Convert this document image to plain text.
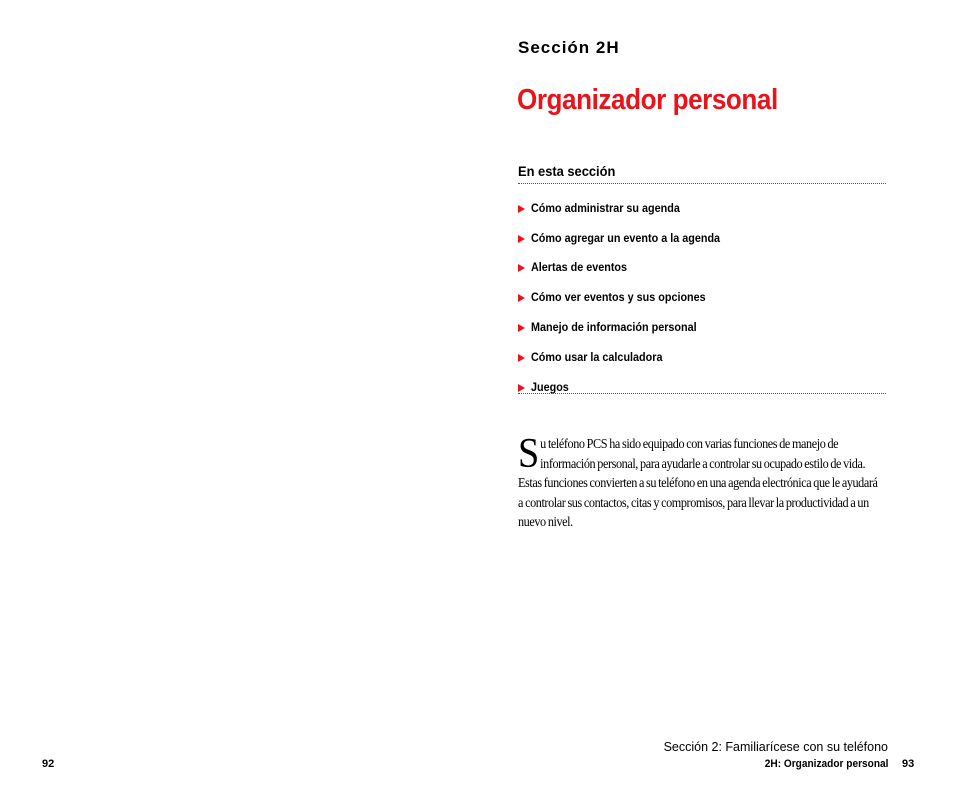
Sección 2H
Organizador personal
En esta sección
Cómo administrar su agenda
Cómo agregar un evento a la agenda
Alertas de eventos
Cómo ver eventos y sus opciones
Manejo de información personal
Cómo usar la calculadora
Juegos
Su teléfono PCS ha sido equipado con varias funciones de manejo de información personal, para ayudarle a controlar su ocupado estilo de vida. Estas funciones convierten a su teléfono en una agenda electrónica que le ayudará a controlar sus contactos, citas y compromisos, para llevar la productividad a un nuevo nivel.
92
Sección 2: Familiarícese con su teléfono
2H: Organizador personal 93
